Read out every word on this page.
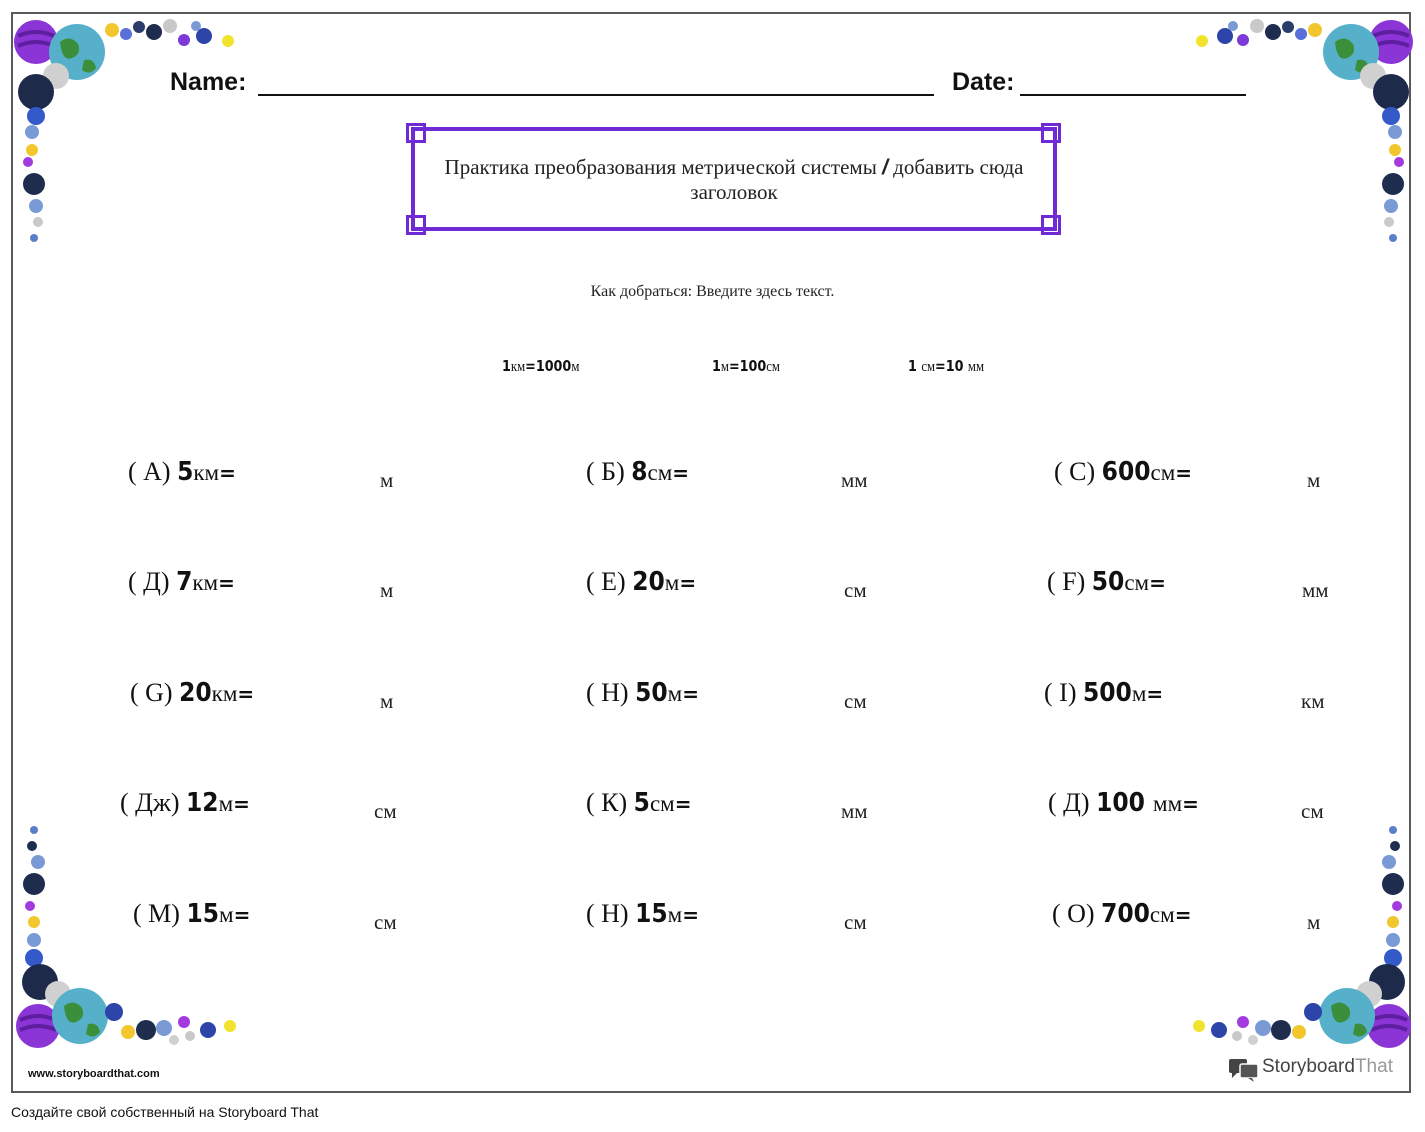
Name:	Date:
Практика преобразования метрической системы / добавить сюда заголовок
Как добраться: Введите здесь текст.
1км=1000м	1м=100см	1 см=10 мм
( А) 5км=	м	( Б) 8см=	мм	( С) 600см=	м
( Д) 7км=	м	( Е) 20м=	см	( F) 50см=	мм
( G) 20км=	м	( H) 50м=	см	( I) 500м=	км
( Дж) 12м=	см	( К) 5см=	мм	( Д) 100 мм=	см
( М) 15м=	см	( Н) 15м=	см	( О) 700см=	м
www.storyboardthat.com	StoryboardThat
Создайте свой собственный на Storyboard That
